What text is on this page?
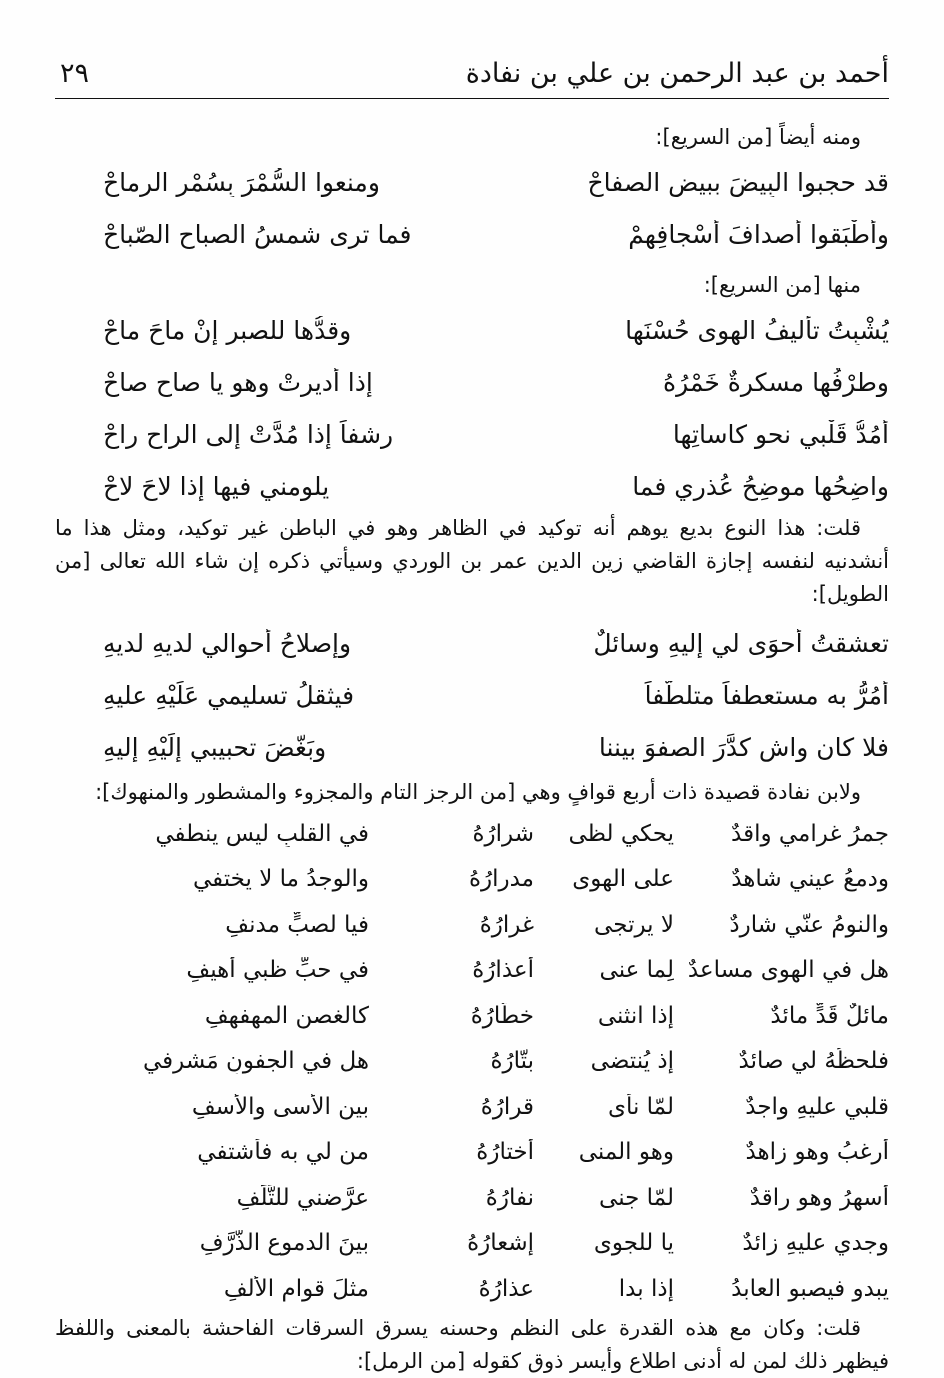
أحمد بن عبد الرحمن بن علي بن نفادة
٢٩
ومنه أيضاً [من السريع]:
قد حجبوا البِيضَ ببيضِ الصفاحْ
ومنعوا السُّمْرَ بِسُمْرِ الرماحْ
وأَطْبَقوا أصدافَ أسْجافِهِمْ
فما ترى شمسُ الصباحِ الصّباحْ
منها [من السريع]:
يُشْبِتُ تأليفُ الهوى حُسْنَها
وقدُّها للصبرِ إنْ ماحَ ماحْ
وطرْفُها مسكرةٌ خَمْرُهُ
إذا أُديرتْ وهو يا صاحِ صاحْ
أمُدُّ قَلْبي نحو كاساتِها
رشفاً إذا مُدَّتْ إلى الراحِ راحْ
واضِحُها موضِحُ عُذري فما
يلومني فيها إذا لاحَ لاحْ
قلت: هذا النوع بديع يوهم أنه توكيد في الظاهر وهو في الباطن غير توكيد، ومثل هذا ما أنشدنيه لنفسه إجازة القاضي زين الدين عمر بن الوردي وسيأتي ذكره إن شاء الله تعالى [من الطويل]:
تعشقتُ أحوَى لي إليهِ وسائلٌ
وإصلاحُ أحوالي لديهِ لديهِ
أمُرُّ به مستعطفاً متلطّفاً
فيثقلُ تسليمي عَلَيْهِ عليهِ
فلا كان واشٍ كدَّرَ الصفوَ بيننا
وبَغّضَ تحبيبي إلَيْهِ إليهِ
ولابن نفادة قصيدة ذات أربع قوافٍ وهي [من الرجز التام والمجزوء والمشطور والمنهوك]:
جمرُ غرامي واقدٌ
يحكي لظى
شرارُهُ
في القلبِ ليس ينطفي
ودمعُ عيني شاهدٌ
على الهوى
مدرارُهُ
والوجدُ ما لا يختفي
والنومُ عنّي شاردٌ
لا يرتجى
غرارُهُ
فيا لصبٍّ مدنفِ
هل في الهوى مساعدٌ
لِما عنى
أعذارُهُ
في حبِّ ظبيٍ أهيفِ
مائلٌ قَدٍّ مائدٌ
إذا انثنى
خطّارُهُ
كالغصنِ المهفهفِ
فلحظُهُ لي صائدٌ
إذ يُنتضى
بتّارُهُ
هل في الجفونِ مَشرفي
قلبي عليهِ واجدٌ
لمّا نأى
قرارُهُ
بين الأسى والأسفِ
أرغبُ وهو زاهدٌ
وهو المنى
أختارُهُ
من لي به فأشتفي
أسهرُ وهو راقدٌ
لمّا جنى
نفارُهُ
عرَّضني للتَّلَفِ
وجدي عليهِ زائدٌ
يا للجوى
إشعارُهُ
بينَ الدموعِ الذُّرَّفِ
يبدو فيصبو العابدُ
إذا بدا
عذارُهُ
مثلَ قوامِ الألفِ
قلت: وكان مع هذه القدرة على النظم وحسنه يسرق السرقات الفاحشة بالمعنى واللفظ فيظهر ذلك لمن له أدنى اطلاع وأيسر ذوق كقوله [من الرمل]:
